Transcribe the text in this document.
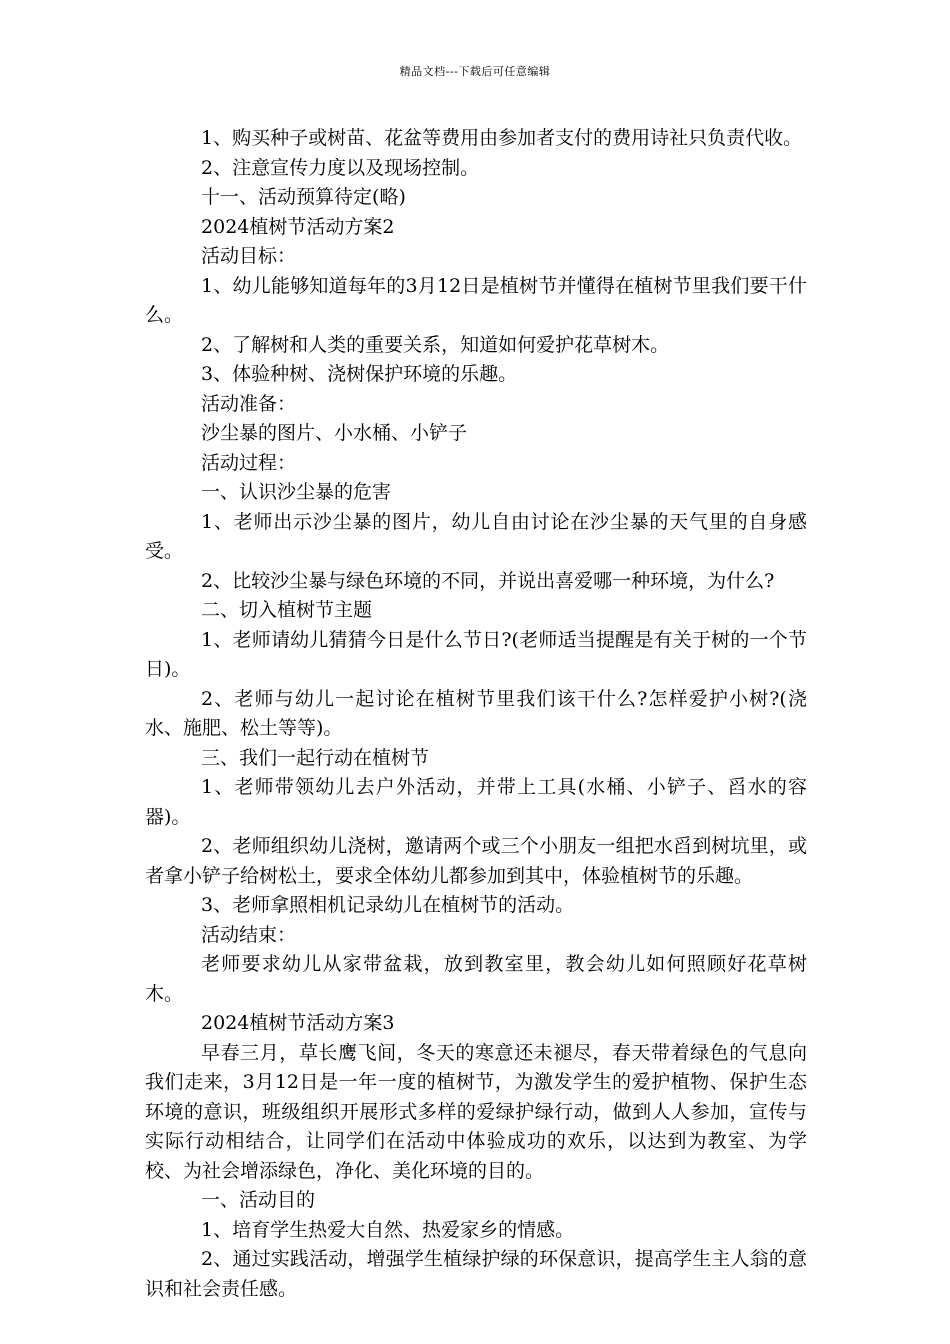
精品文档---下载后可任意编辑

1、购买种子或树苗、花盆等费用由参加者支付的费用诗社只负责代收。

2、注意宣传力度以及现场控制。

十一、活动预算待定(略)

2024植树节活动方案2

活动目标：

1、幼儿能够知道每年的3月12日是植树节并懂得在植树节里我们要干什么。

2、了解树和人类的重要关系，知道如何爱护花草树木。

3、体验种树、浇树保护环境的乐趣。

活动准备：

沙尘暴的图片、小水桶、小铲子

活动过程：

一、认识沙尘暴的危害

1、老师出示沙尘暴的图片，幼儿自由讨论在沙尘暴的天气里的自身感受。

2、比较沙尘暴与绿色环境的不同，并说出喜爱哪一种环境，为什么?

二、切入植树节主题

1、老师请幼儿猜猜今日是什么节日?(老师适当提醒是有关于树的一个节日)。

2、老师与幼儿一起讨论在植树节里我们该干什么?怎样爱护小树?(浇水、施肥、松土等等)。

三、我们一起行动在植树节

1、老师带领幼儿去户外活动，并带上工具(水桶、小铲子、舀水的容器)。

2、老师组织幼儿浇树，邀请两个或三个小朋友一组把水舀到树坑里，或者拿小铲子给树松土，要求全体幼儿都参加到其中，体验植树节的乐趣。

3、老师拿照相机记录幼儿在植树节的活动。

活动结束：

老师要求幼儿从家带盆栽，放到教室里，教会幼儿如何照顾好花草树木。

2024植树节活动方案3

早春三月，草长鹰飞间，冬天的寒意还未褪尽，春天带着绿色的气息向我们走来，3月12日是一年一度的植树节，为激发学生的爱护植物、保护生态环境的意识，班级组织开展形式多样的爱绿护绿行动，做到人人参加，宣传与实际行动相结合，让同学们在活动中体验成功的欢乐，以达到为教室、为学校、为社会增添绿色，净化、美化环境的目的。

一、活动目的

1、培育学生热爱大自然、热爱家乡的情感。

2、通过实践活动，增强学生植绿护绿的环保意识，提高学生主人翁的意识和社会责任感。
